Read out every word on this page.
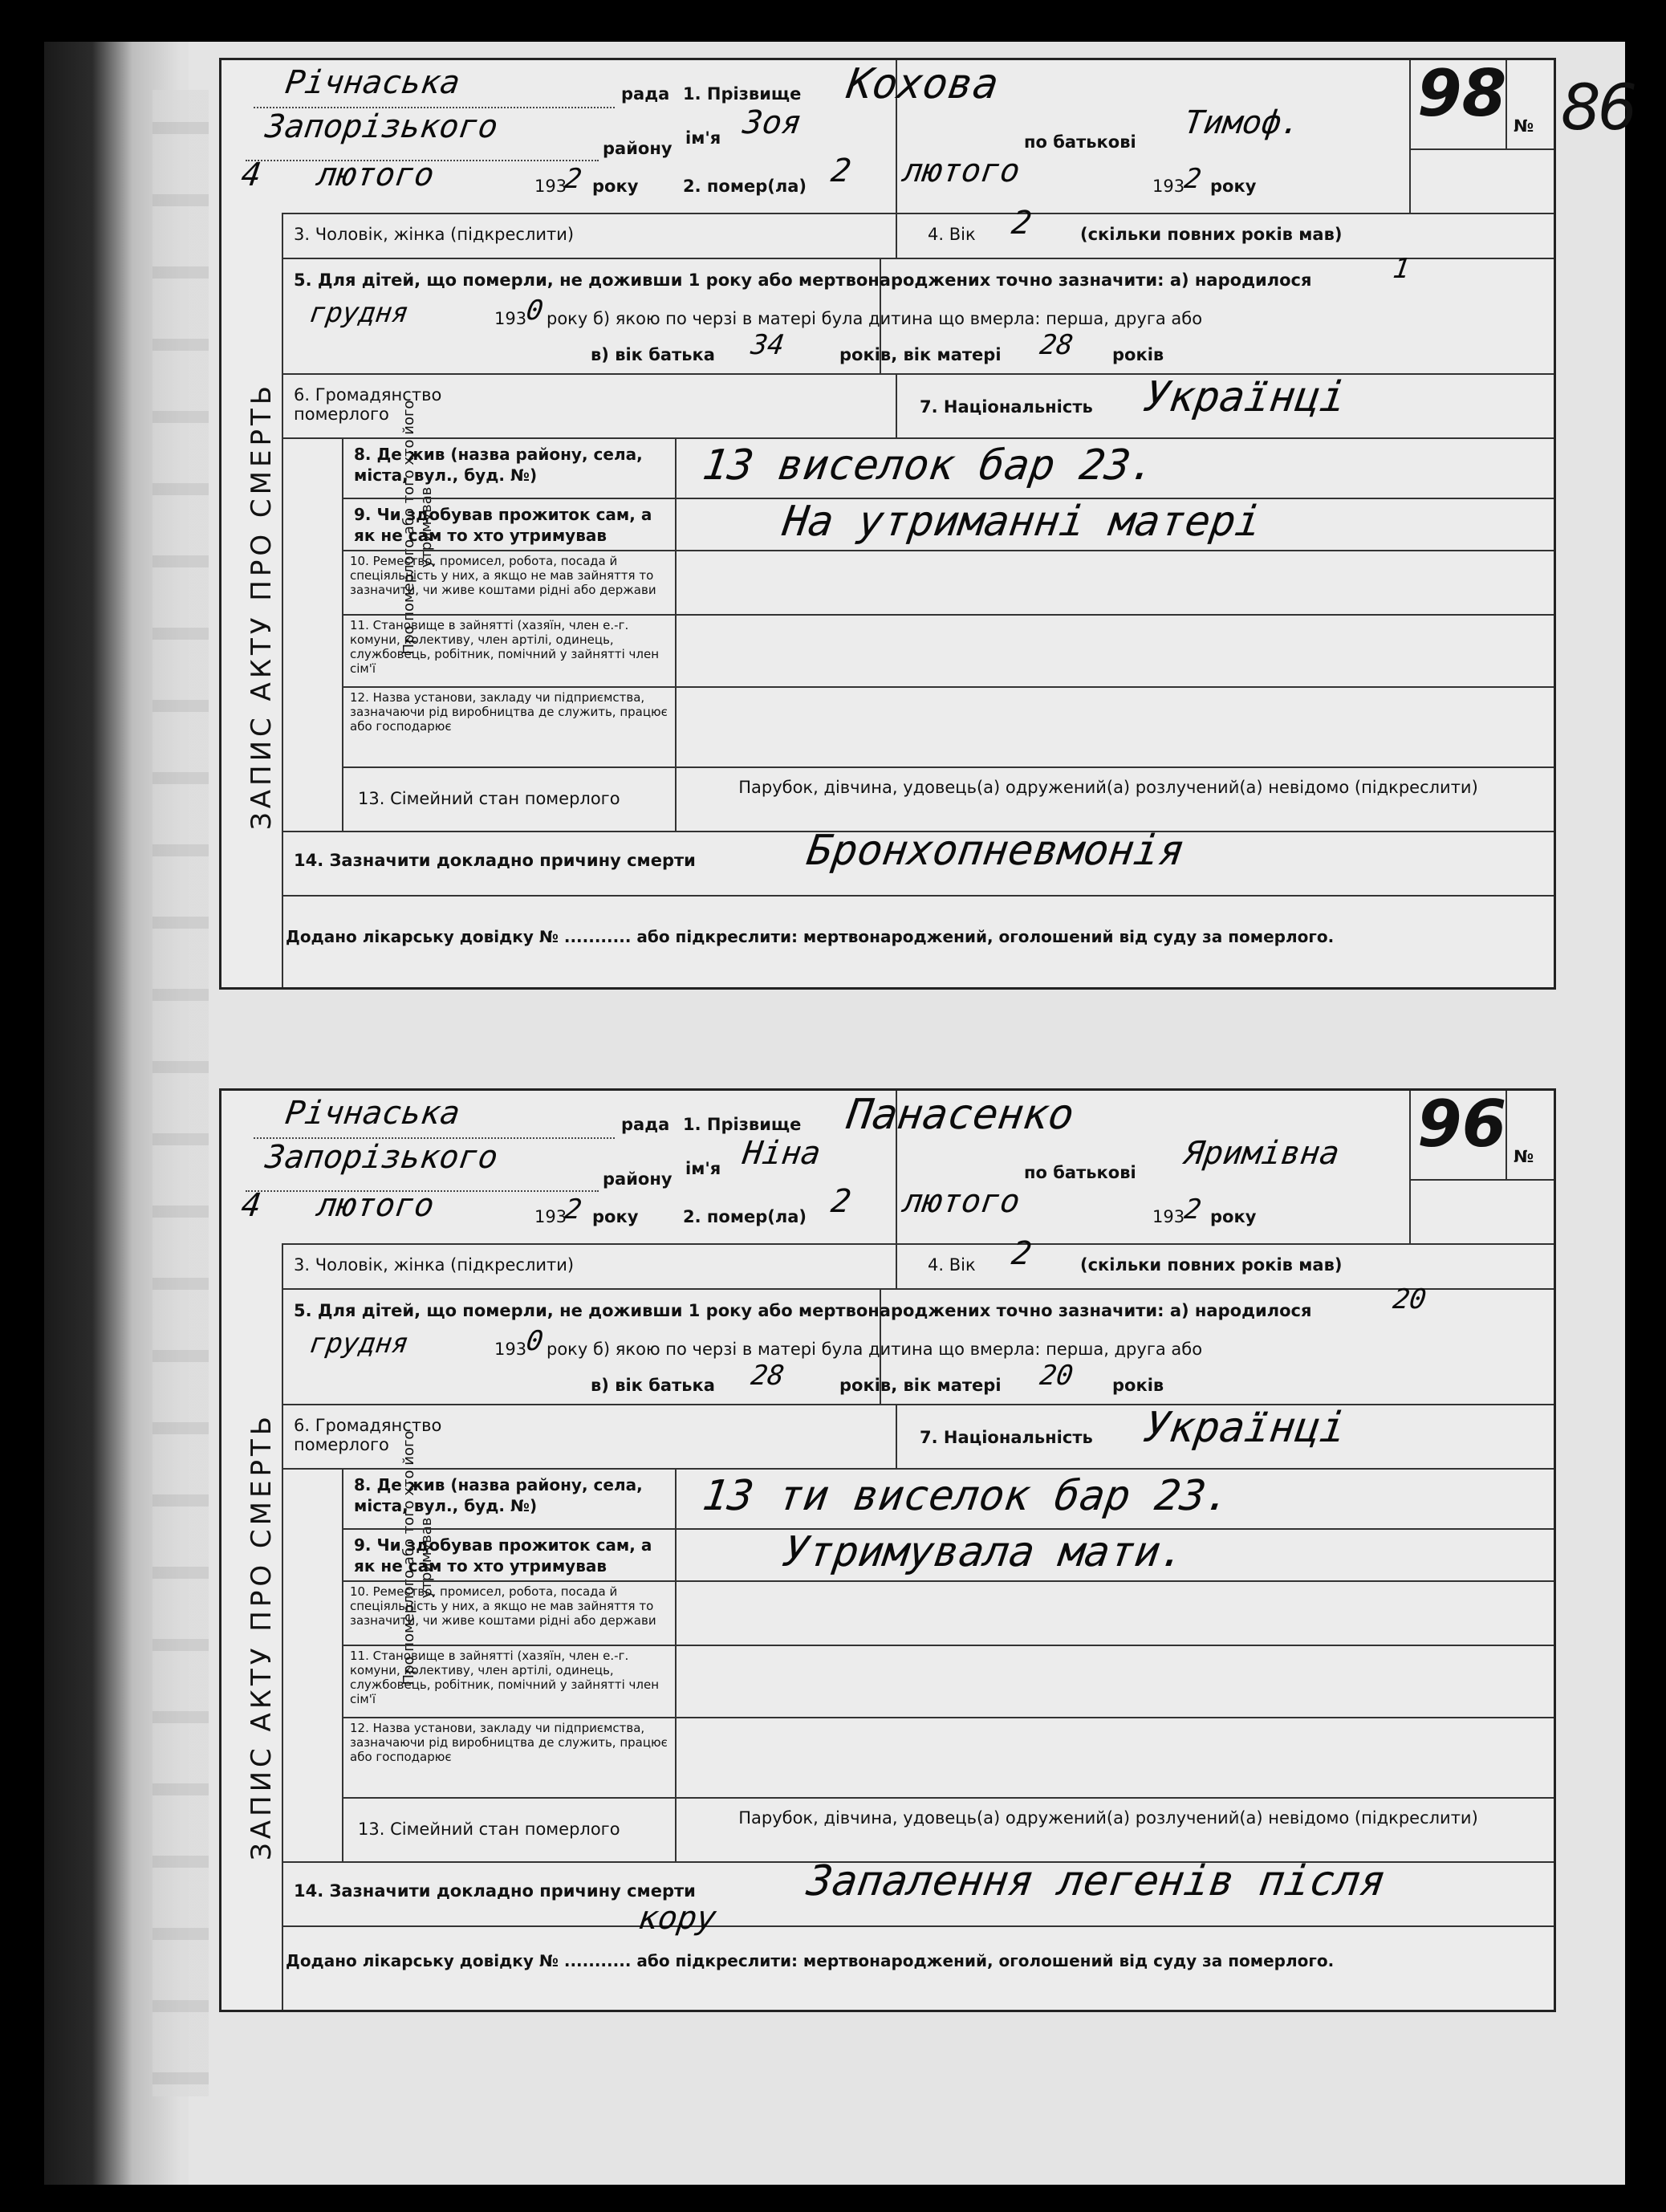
86
ЗАПИС АКТУ ПРО СМЕРТЬ	Про померлого або того хто його утримував
Річнаська	рада
Запорізького
району
4 лютого	193
2 року
1. Прізвище Кохова
ім'я Зоя
по батькові
Тимоф.
2. помер(ла) 2 лютого	193
2 року
№
98
3. Чоловік, жінка (підкреслити)	4. Вік 2	(скільки повних років мав)
5. Для дітей, що померли, не доживши 1 року або мертвонароджених точно зазначити: а) народилося	1
грудня	193
0 року б) якою по черзі в матері була дитина що вмерла: перша, друга або
в) вік батька 34	років, вік матері 28 років
6. Громадянство померлого	7. Національність Українці
8. Де жив (назва району, села, міста, вул., буд. №)	13 виселок бар 23.
9. Чи здобував прожиток сам, а як не сам то хто утримував	На утриманні матері
10. Ремество, промисел, робота, посада й спеціяльність у них, а якщо не мав зайняття то зазначити, чи живе коштами рідні або держави
11. Становище в зайнятті (хазяїн, член е.-г. комуни, колективу, член артілі, одинець, службовець, робітник, помічний у зайнятті член сім'ї
12. Назва установи, закладу чи підприємства, зазначаючи рід виробництва де служить, працює або господарює
13. Сімейний стан померлого
Парубок, дівчина, удовець(а) одружений(а) розлучений(а) невідомо (підкреслити)
14. Зазначити докладно причину смерти	Бронхопневмонія
Додано лікарську довідку № ........... або підкреслити: мертвонароджений, оголошений від суду за померлого.
ЗАПИС АКТУ ПРО СМЕРТЬ	Про померлого або того хто його утримував
Річнаська	рада
Запорізького
району
4 лютого	193
2 року
1. Прізвище Панасенко
ім'я Ніна
по батькові
Яримівна
2. помер(ла) 2 лютого	193
2 року
№
96
3. Чоловік, жінка (підкреслити)	4. Вік 2	(скільки повних років мав)
5. Для дітей, що померли, не доживши 1 року або мертвонароджених точно зазначити: а) народилося	20
грудня	193
0 року б) якою по черзі в матері була дитина що вмерла: перша, друга або
в) вік батька 28	років, вік матері 20 років
6. Громадянство померлого	7. Національність Українці
8. Де жив (назва району, села, міста, вул., буд. №)	13 ти виселок бар 23.
9. Чи здобував прожиток сам, а як не сам то хто утримував	Утримувала мати.
10. Ремество, промисел, робота, посада й спеціяльність у них, а якщо не мав зайняття то зазначити, чи живе коштами рідні або держави
11. Становище в зайнятті (хазяїн, член е.-г. комуни, колективу, член артілі, одинець, службовець, робітник, помічний у зайнятті член сім'ї
12. Назва установи, закладу чи підприємства, зазначаючи рід виробництва де служить, працює або господарює
13. Сімейний стан померлого
Парубок, дівчина, удовець(а) одружений(а) розлучений(а) невідомо (підкреслити)
14. Зазначити докладно причину смерти	Запалення легенів після
кору
Додано лікарську довідку № ........... або підкреслити: мертвонароджений, оголошений від суду за померлого.
